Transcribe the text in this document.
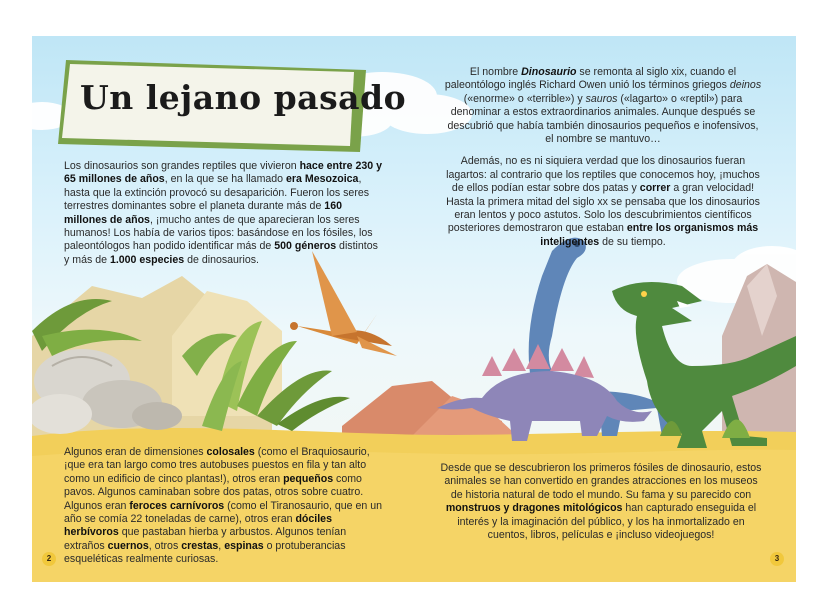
Un lejano pasado

Los dinosaurios son grandes reptiles que vivieron hace entre 230 y 65 millones de años, en la que se ha llamado era Mesozoica, hasta que la extinción provocó su desaparición. Fueron los seres terrestres dominantes sobre el planeta durante más de 160 millones de años, ¡mucho antes de que aparecieran los seres humanos! Los había de varios tipos: basándose en los fósiles, los paleontólogos han podido identificar más de 500 géneros distintos y más de 1.000 especies de dinosaurios.

El nombre Dinosaurio se remonta al siglo xix, cuando el paleontólogo inglés Richard Owen unió los términos griegos deinos («enorme» o «terrible») y sauros («lagarto» o «reptil») para denominar a estos extraordinarios animales. Aunque después se descubrió que había también dinosaurios pequeños e inofensivos, el nombre se mantuvo…

Además, no es ni siquiera verdad que los dinosaurios fueran lagartos: al contrario que los reptiles que conocemos hoy, ¡muchos de ellos podían estar sobre dos patas y correr a gran velocidad! Hasta la primera mitad del siglo xx se pensaba que los dinosaurios eran lentos y poco astutos. Solo los descubrimientos científicos posteriores demostraron que estaban entre los organismos más inteligentes de su tiempo.

Algunos eran de dimensiones colosales (como el Braquiosaurio, ¡que era tan largo como tres autobuses puestos en fila y tan alto como un edificio de cinco plantas!), otros eran pequeños como pavos. Algunos caminaban sobre dos patas, otros sobre cuatro. Algunos eran feroces carnívoros (como el Tiranosaurio, que en un año se comía 22 toneladas de carne), otros eran dóciles herbívoros que pastaban hierba y arbustos. Algunos tenían extraños cuernos, otros crestas, espinas o protuberancias esqueléticas realmente curiosas.

Desde que se descubrieron los primeros fósiles de dinosaurio, estos animales se han convertido en grandes atracciones en los museos de historia natural de todo el mundo. Su fama y su parecido con monstruos y dragones mitológicos han capturado enseguida el interés y la imaginación del público, y los ha inmortalizado en cuentos, libros, películas e ¡incluso videojuegos!

2	3
